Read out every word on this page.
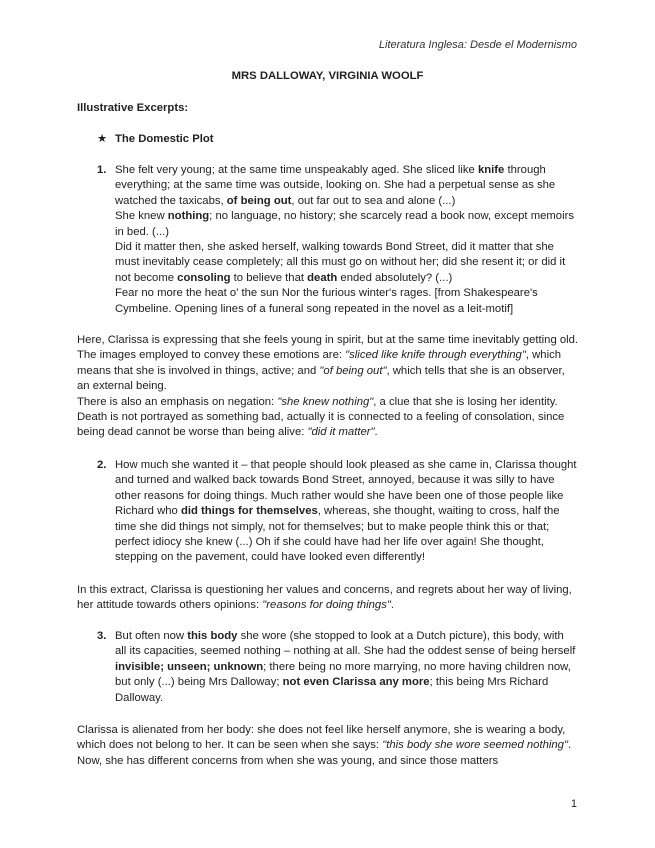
Literatura Inglesa: Desde el Modernismo
MRS DALLOWAY, VIRGINIA WOOLF
Illustrative Excerpts:
★ The Domestic Plot
1. She felt very young; at the same time unspeakably aged. She sliced like knife through everything; at the same time was outside, looking on. She had a perpetual sense as she watched the taxicabs, of being out, out far out to sea and alone (...)

She knew nothing; no language, no history; she scarcely read a book now, except memoirs in bed. (...)

Did it matter then, she asked herself, walking towards Bond Street, did it matter that she must inevitably cease completely; all this must go on without her; did she resent it; or did it not become consoling to believe that death ended absolutely? (...)

Fear no more the heat o' the sun Nor the furious winter's rages. [from Shakespeare's Cymbeline. Opening lines of a funeral song repeated in the novel as a leit-motif]

Here, Clarissa is expressing that she feels young in spirit, but at the same time inevitably getting old. The images employed to convey these emotions are: "sliced like knife through everything", which means that she is involved in things, active; and "of being out", which tells that she is an observer, an external being.

There is also an emphasis on negation: "she knew nothing", a clue that she is losing her identity. Death is not portrayed as something bad, actually it is connected to a feeling of consolation, since being dead cannot be worse than being alive: "did it matter".

2. How much she wanted it – that people should look pleased as she came in, Clarissa thought and turned and walked back towards Bond Street, annoyed, because it was silly to have other reasons for doing things. Much rather would she have been one of those people like Richard who did things for themselves, whereas, she thought, waiting to cross, half the time she did things not simply, not for themselves; but to make people think this or that; perfect idiocy she knew (...) Oh if she could have had her life over again! She thought, stepping on the pavement, could have looked even differently!

In this extract, Clarissa is questioning her values and concerns, and regrets about her way of living, her attitude towards others opinions: "reasons for doing things".

3. But often now this body she wore (she stopped to look at a Dutch picture), this body, with all its capacities, seemed nothing – nothing at all. She had the oddest sense of being herself invisible; unseen; unknown; there being no more marrying, no more having children now, but only (...) being Mrs Dalloway; not even Clarissa any more; this being Mrs Richard Dalloway.

Clarissa is alienated from her body: she does not feel like herself anymore, she is wearing a body, which does not belong to her. It can be seen when she says: "this body she wore seemed nothing". Now, she has different concerns from when she was young, and since those matters

1
